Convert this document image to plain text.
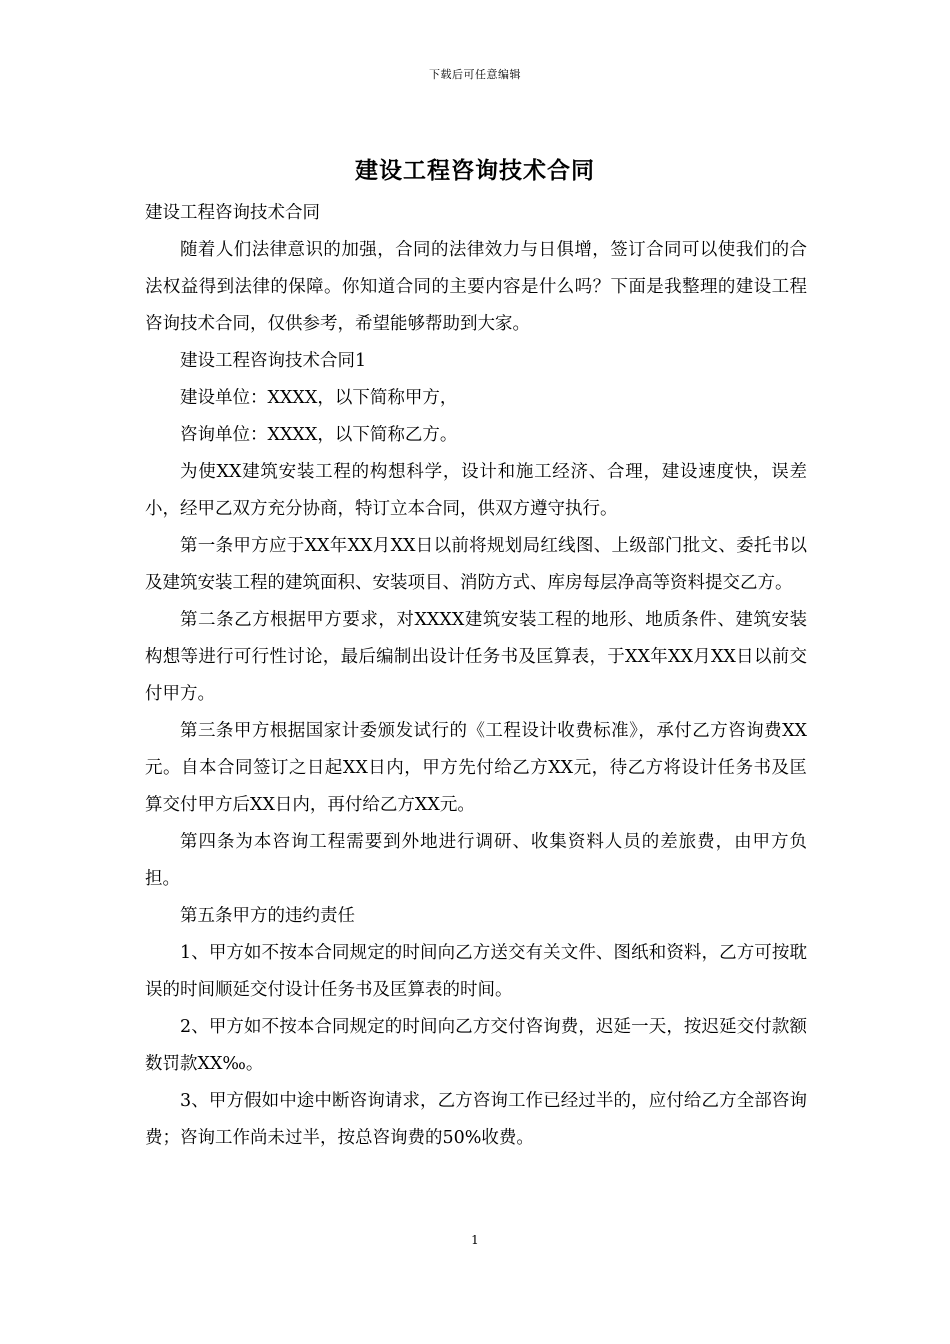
下载后可任意编辑
建设工程咨询技术合同

建设工程咨询技术合同

随着人们法律意识的加强，合同的法律效力与日俱增，签订合同可以使我们的合法权益得到法律的保障。你知道合同的主要内容是什么吗？下面是我整理的建设工程咨询技术合同，仅供参考，希望能够帮助到大家。

建设工程咨询技术合同1

建设单位：XXXX，以下简称甲方，

咨询单位：XXXX，以下简称乙方。

为使XX建筑安装工程的构想科学，设计和施工经济、合理，建设速度快，误差小，经甲乙双方充分协商，特订立本合同，供双方遵守执行。

第一条甲方应于XX年XX月XX日以前将规划局红线图、上级部门批文、委托书以及建筑安装工程的建筑面积、安装项目、消防方式、库房每层净高等资料提交乙方。

第二条乙方根据甲方要求，对XXXX建筑安装工程的地形、地质条件、建筑安装构想等进行可行性讨论，最后编制出设计任务书及匡算表，于XX年XX月XX日以前交付甲方。

第三条甲方根据国家计委颁发试行的《工程设计收费标准》，承付乙方咨询费XX元。自本合同签订之日起XX日内，甲方先付给乙方XX元，待乙方将设计任务书及匡算交付甲方后XX日内，再付给乙方XX元。

第四条为本咨询工程需要到外地进行调研、收集资料人员的差旅费，由甲方负担。

第五条甲方的违约责任

1、甲方如不按本合同规定的时间向乙方送交有关文件、图纸和资料，乙方可按耽误的时间顺延交付设计任务书及匡算表的时间。

2、甲方如不按本合同规定的时间向乙方交付咨询费，迟延一天，按迟延交付款额数罚款XX‰。

3、甲方假如中途中断咨询请求，乙方咨询工作已经过半的，应付给乙方全部咨询费；咨询工作尚未过半，按总咨询费的50%收费。

1
